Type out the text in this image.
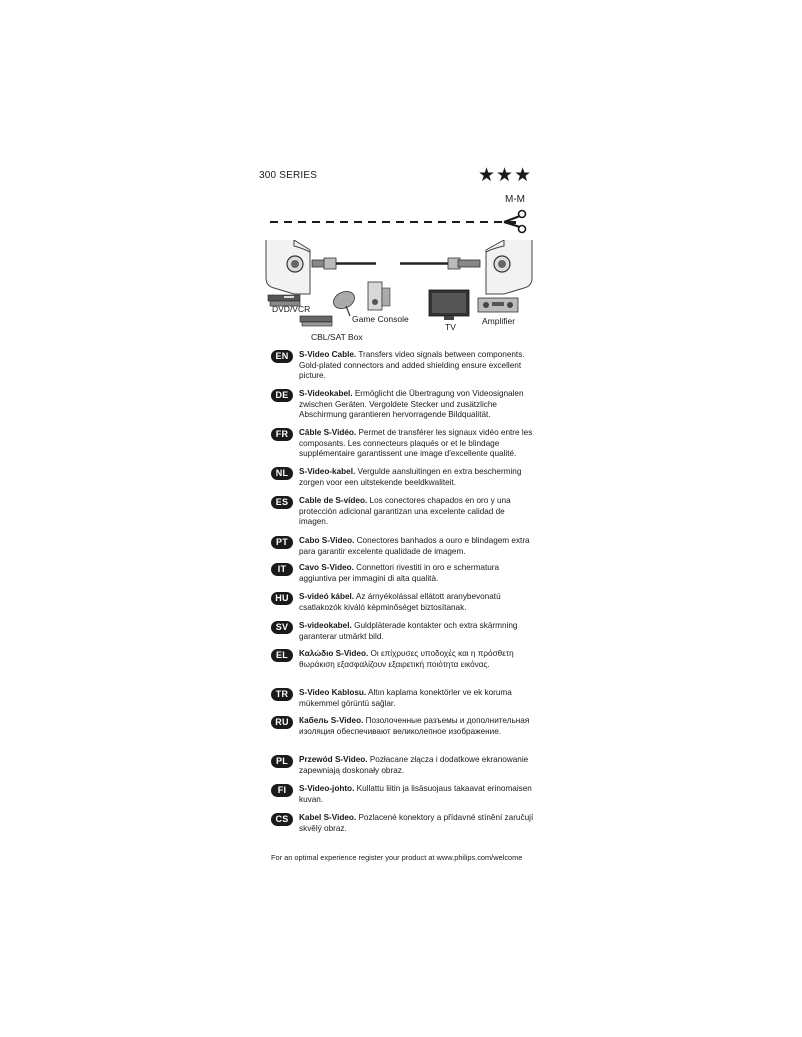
300 SERIES	★★★
M-M
DVD/VCR
Game Console
TV
Amplifier
CBL/SAT Box
EN	S-Video Cable. Transfers video signals between components. Gold-plated connectors and added shielding ensure excellent picture.
DE	S-Videokabel. Ermöglicht die Übertragung von Videosignalen zwischen Geräten. Vergoldete Stecker und zusätzliche Abschirmung garantieren hervorragende Bildqualität.
FR	Câble S-Vidéo. Permet de transférer les signaux vidéo entre les composants. Les connecteurs plaqués or et le blindage supplémentaire garantissent une image d'excellente qualité.
NL	S-Video-kabel. Vergulde aansluitingen en extra bescherming zorgen voor een uitstekende beeldkwaliteit.
ES	Cable de S-vídeo. Los conectores chapados en oro y una protección adicional garantizan una excelente calidad de imagen.
PT	Cabo S-Video. Conectores banhados a ouro e blindagem extra para garantir excelente qualidade de imagem.
IT	Cavo S-Video. Connettori rivestiti in oro e schermatura aggiuntiva per immagini di alta qualità.
HU	S-videó kábel. Az árnyékolással ellátott aranybevonatú csatlakozók kiváló képminőséget biztosítanak.
SV	S-videokabel. Guldpläterade kontakter och extra skärmning garanterar utmärkt bild.
EL	Καλώδιο S-Video. Οι επίχρυσες υποδοχές και η πρόσθετη θωράκιση εξασφαλίζουν εξαιρετική ποιότητα εικόνας.
TR	S-Video Kablosu. Altın kaplama konektörler ve ek koruma mükemmel görüntü sağlar.
RU	Кабель S-Video. Позолоченные разъемы и дополнительная изоляция обеспечивают великолепное изображение.
PL	Przewód S-Video. Pozłacane złącza i dodatkowe ekranowanie zapewniają doskonały obraz.
FI	S-Video-johto. Kullattu liitin ja lisäsuojaus takaavat erinomaisen kuvan.
CS	Kabel S-Video. Pozlacené konektory a přídavné stínění zaručují skvělý obraz.
For an optimal experience register your product at www.philips.com/welcome
